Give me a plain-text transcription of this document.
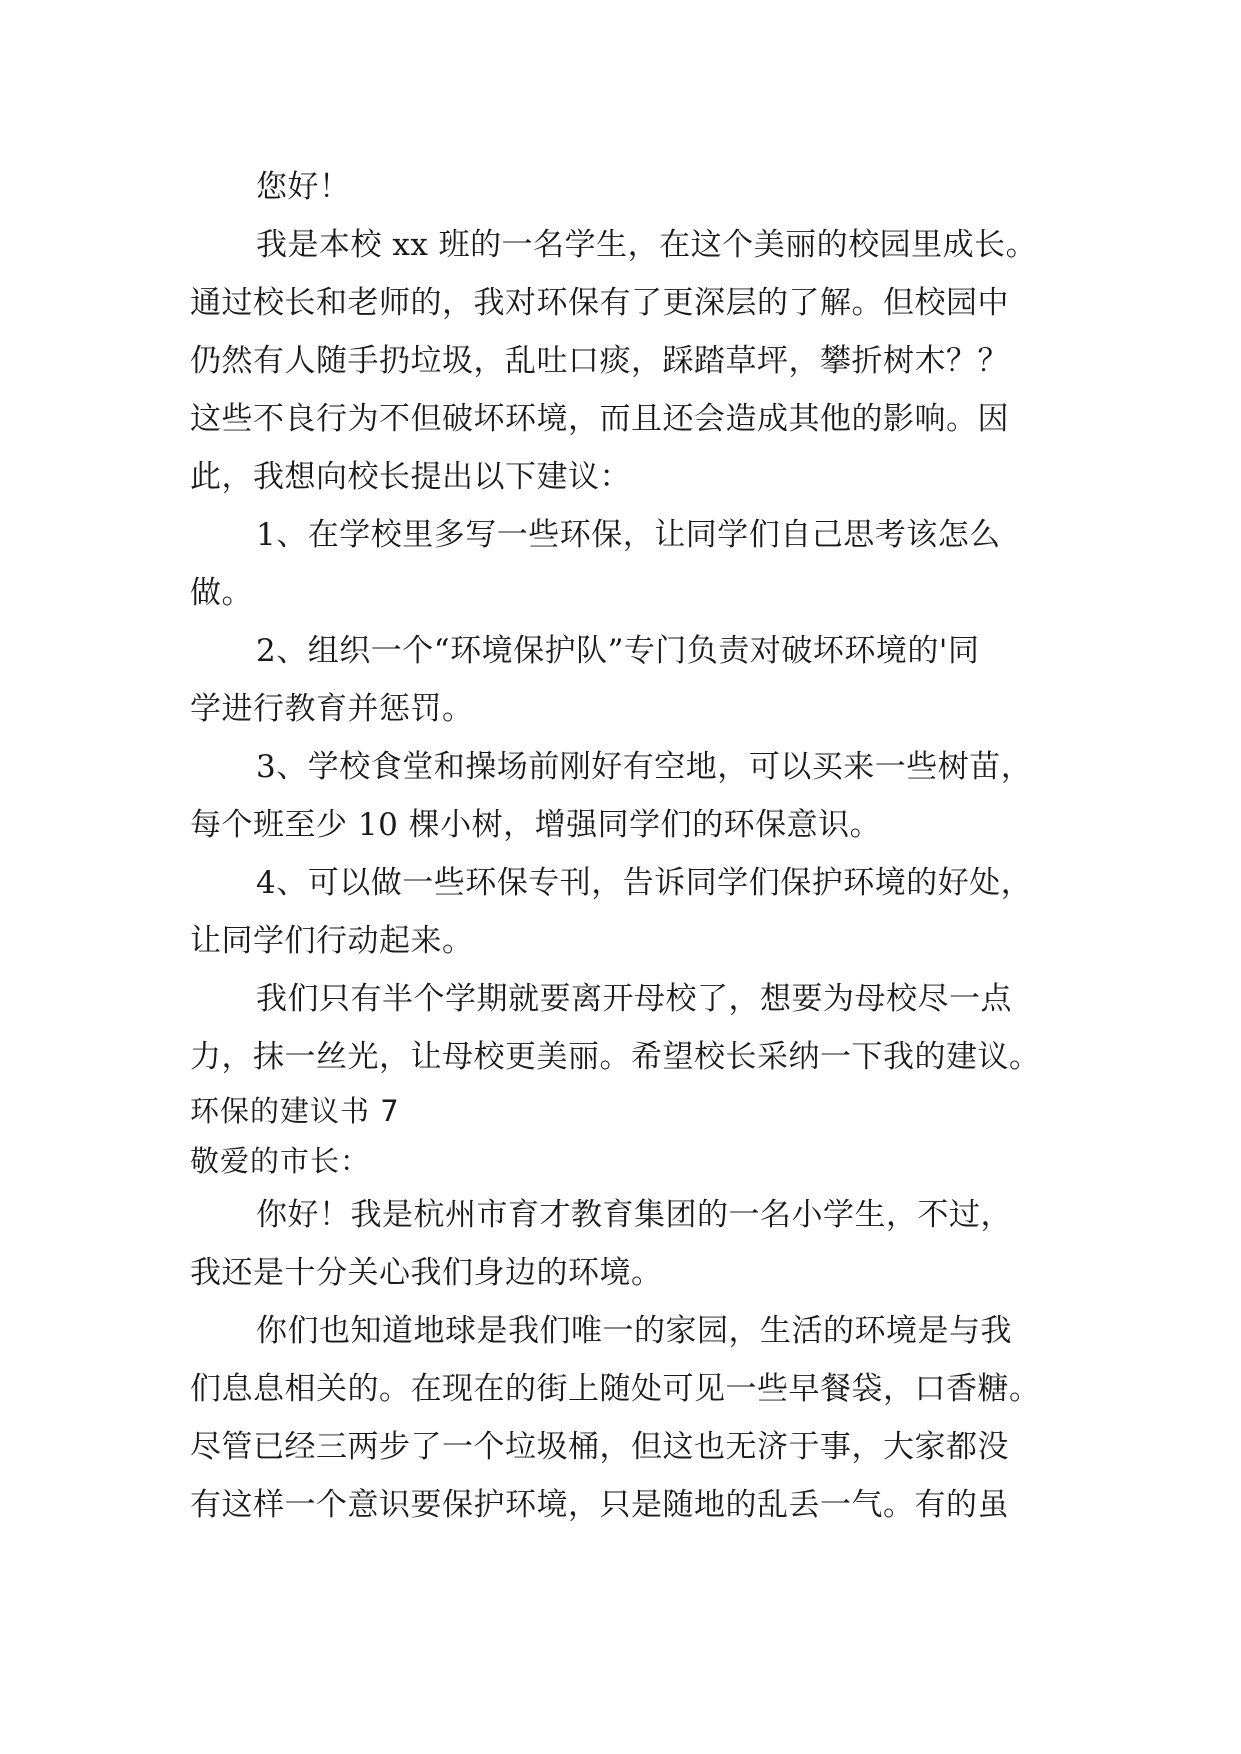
您好！
我是本校 xx 班的一名学生，在这个美丽的校园里成长。
通过校长和老师的，我对环保有了更深层的了解。但校园中
仍然有人随手扔垃圾，乱吐口痰，踩踏草坪，攀折树木？？
这些不良行为不但破坏环境，而且还会造成其他的影响。因
此，我想向校长提出以下建议：
1、在学校里多写一些环保，让同学们自己思考该怎么
做。
2、组织一个“环境保护队”专门负责对破坏环境的'同
学进行教育并惩罚。
3、学校食堂和操场前刚好有空地，可以买来一些树苗，
每个班至少 10 棵小树，增强同学们的环保意识。
4、可以做一些环保专刊，告诉同学们保护环境的好处，
让同学们行动起来。
我们只有半个学期就要离开母校了，想要为母校尽一点
力，抹一丝光，让母校更美丽。希望校长采纳一下我的建议。
环保的建议书 7
敬爱的市长：
你好！我是杭州市育才教育集团的一名小学生，不过，
我还是十分关心我们身边的环境。
你们也知道地球是我们唯一的家园，生活的环境是与我
们息息相关的。在现在的街上随处可见一些早餐袋，口香糖。
尽管已经三两步了一个垃圾桶，但这也无济于事，大家都没
有这样一个意识要保护环境，只是随地的乱丢一气。有的虽
